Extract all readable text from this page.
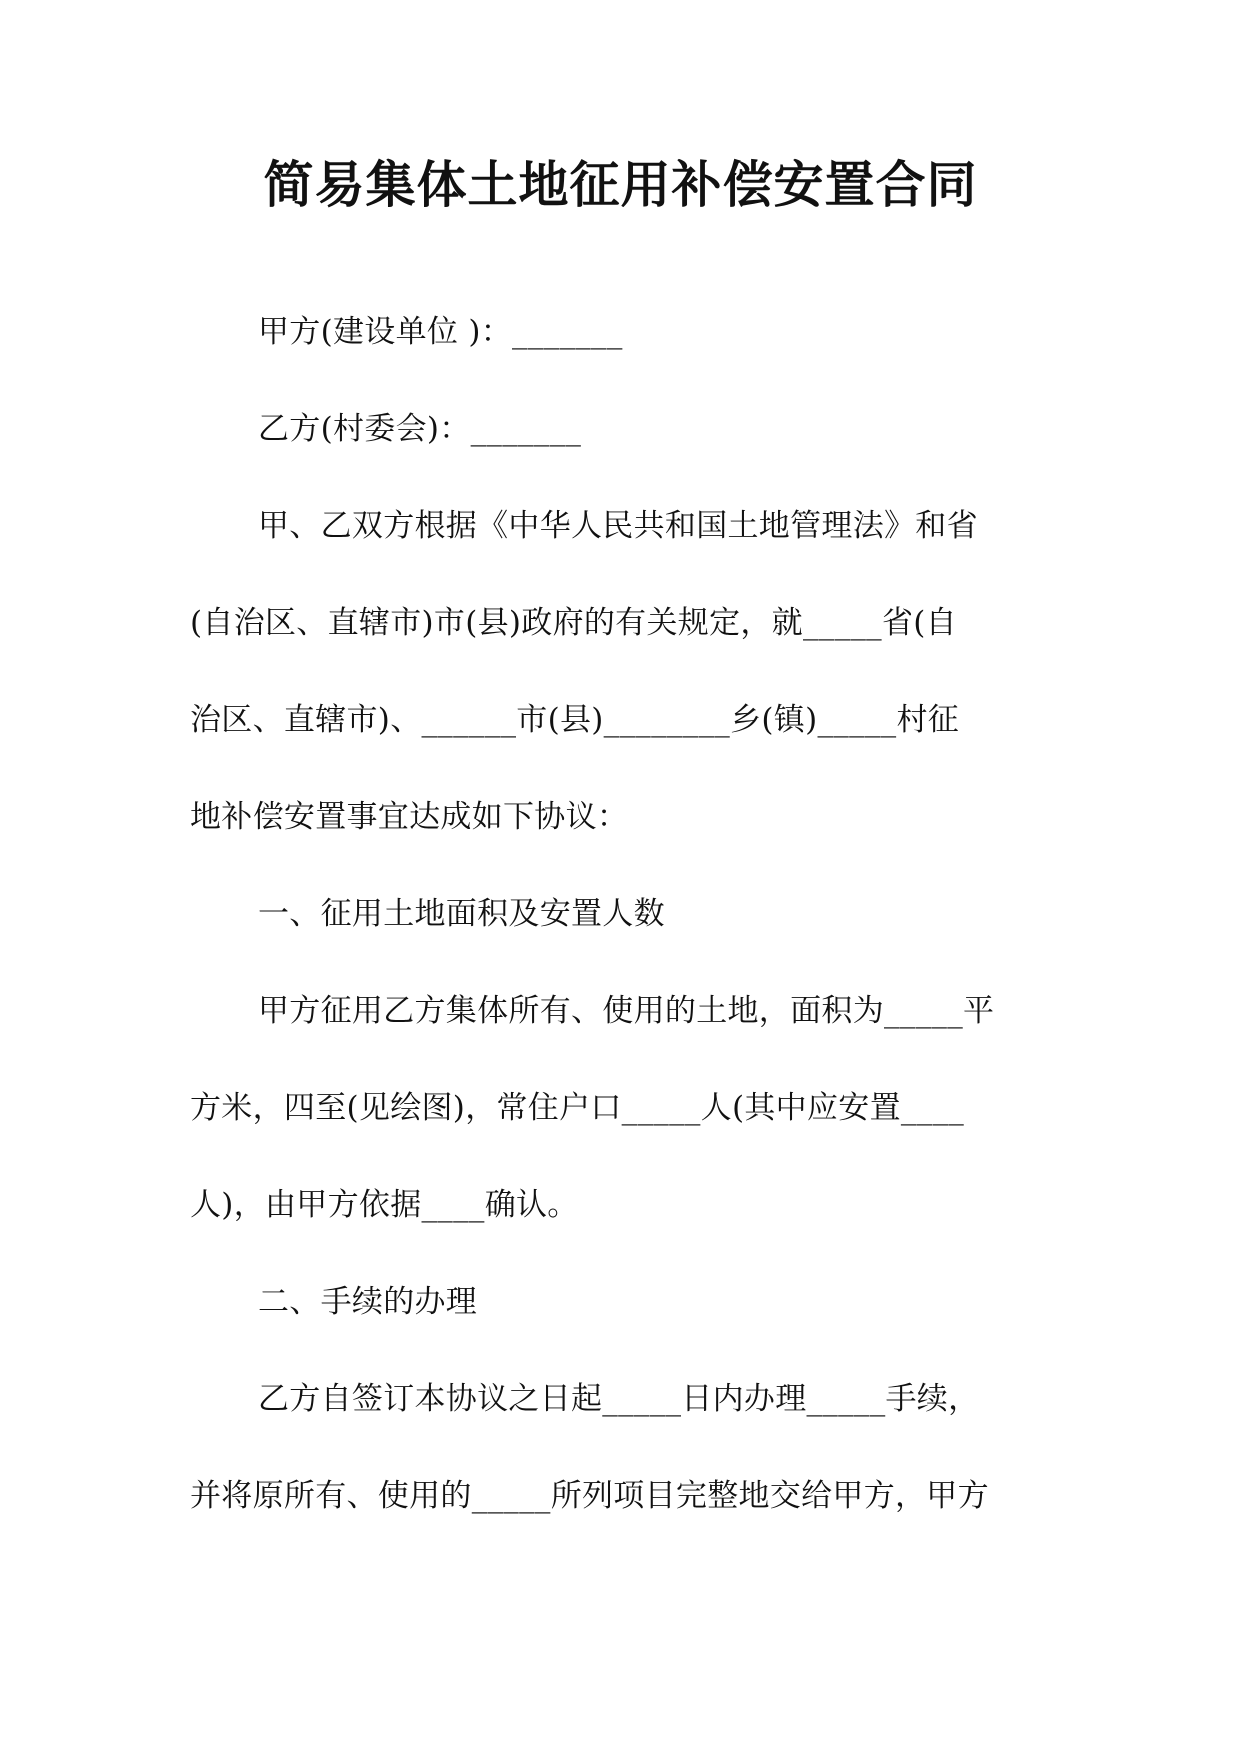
简易集体土地征用补偿安置合同
甲方(建设单位 )：_______
乙方(村委会)：_______
甲、乙双方根据《中华人民共和国土地管理法》和省
(自治区、直辖市)市(县)政府的有关规定，就_____省(自
治区、直辖市)、______市(县)________乡(镇)_____村征
地补偿安置事宜达成如下协议：
一、征用土地面积及安置人数
甲方征用乙方集体所有、使用的土地，面积为_____平
方米，四至(见绘图)，常住户口_____人(其中应安置____
人)，由甲方依据____确认。
二、手续的办理
乙方自签订本协议之日起_____日内办理_____手续，
并将原所有、使用的_____所列项目完整地交给甲方，甲方
